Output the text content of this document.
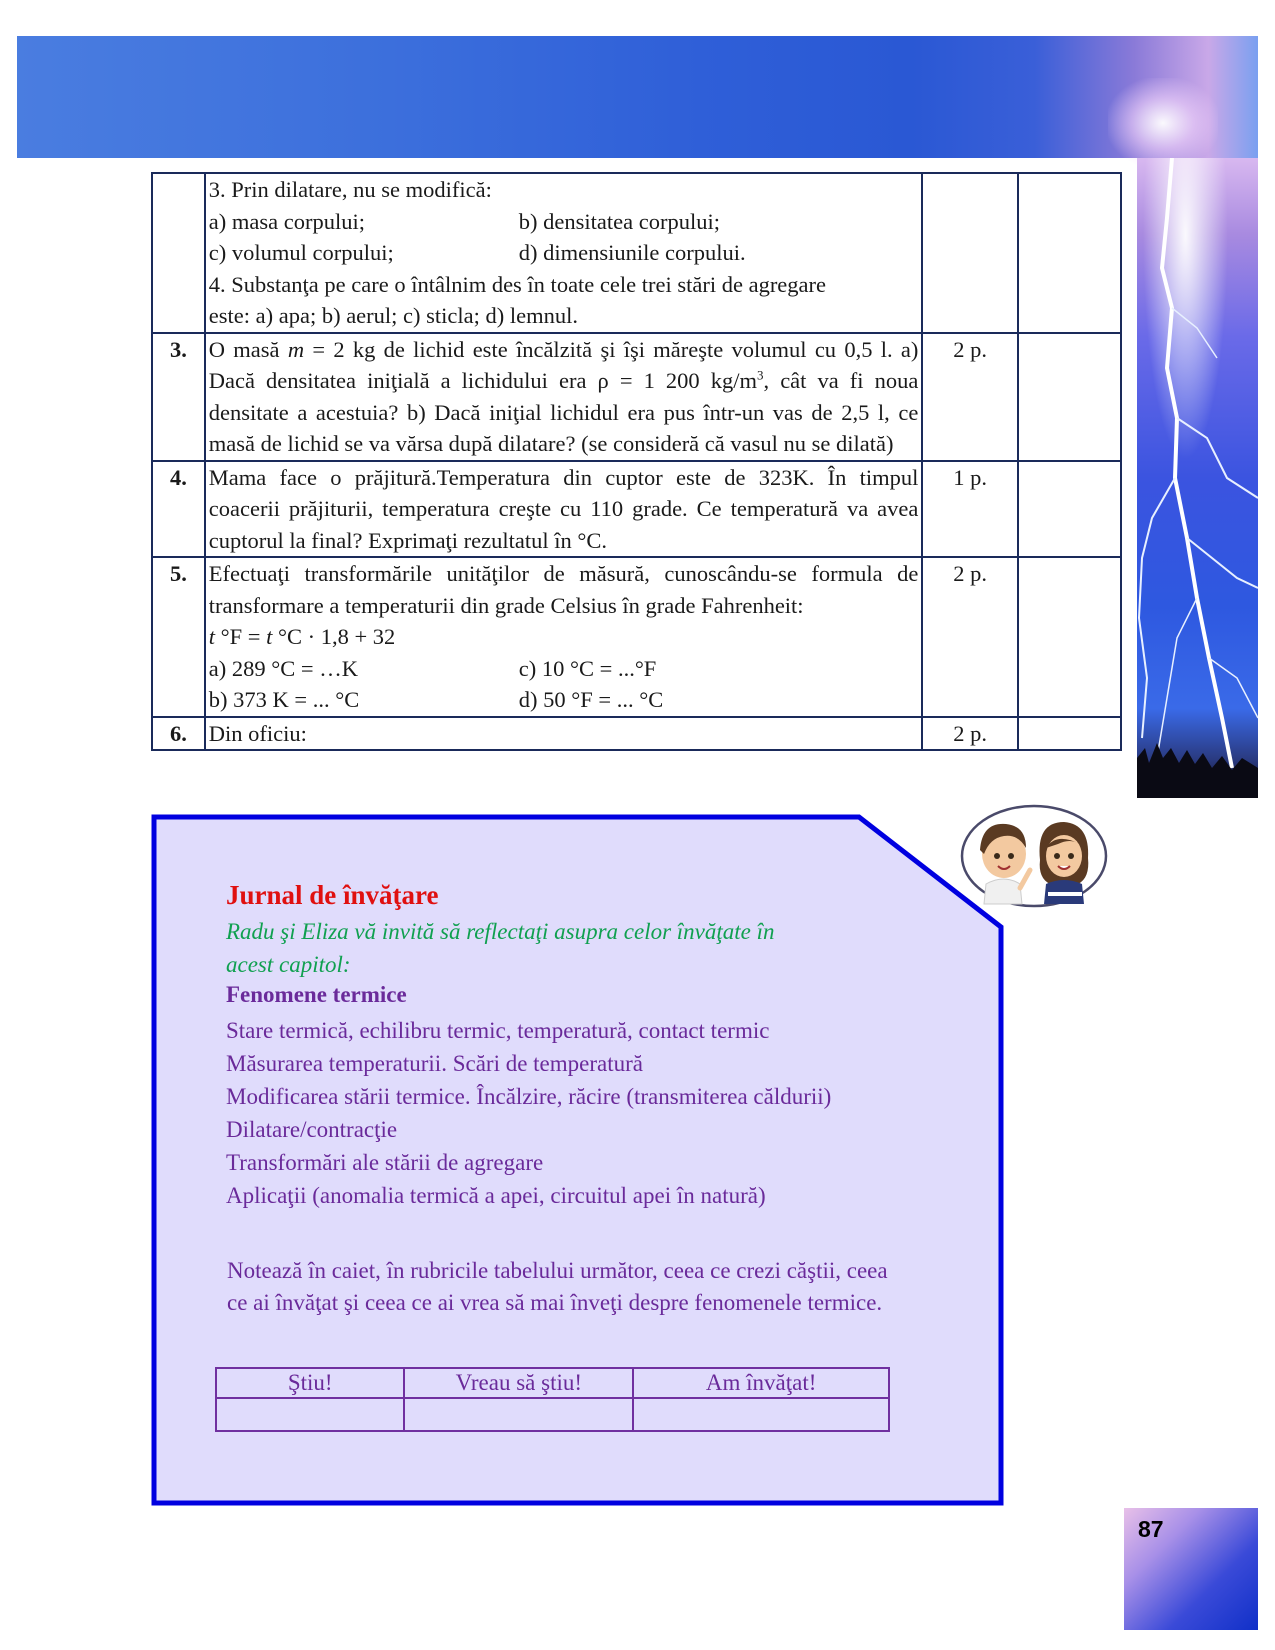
3. Prin dilatare, nu se modifică:
a) masa corpului;	b) densitatea corpului;
c) volumul corpului;	d) dimensiunile corpului.
4. Substanţa pe care o întâlnim des în toate cele trei stări de agregare
este: a) apa; b) aerul; c) sticla; d) lemnul.

3.	O masă m = 2 kg de lichid este încălzită şi îşi măreşte volumul cu 0,5 l. a) Dacă densitatea iniţială a lichidului era ρ = 1 200 $kg/m^3$, cât va fi noua densitate a acestuia? b) Dacă iniţial lichidul era pus într-un vas de 2,5 l, ce masă de lichid se va vărsa după dilatare? (se consideră că vasul nu se dilată)	2 p.	
4.	Mama face o prăjitură.Temperatura din cuptor este de 323K. În timpul coacerii prăjiturii, temperatura creşte cu 110 grade. Ce temperatură va avea cuptorul la final? Exprimaţi rezultatul în °C.	1 p.	
5.	Efectuaţi transformările unităţilor de măsură, cunoscându-se formula de transformare a temperaturii din grade Celsius în grade Fahrenheit:
t °F = t °C · 1,8 + 32
a) 289 °C = …K	c) 10 °C = ...°F
b) 373 K = ... °C	d) 50 °F = ... °C
	2 p.	
6.	Din oficiu:	2 p.	
Jurnal de învăţare
Radu şi Eliza vă invită să reflectaţi asupra celor învăţate în acest capitol:
Fenomene termice
Stare termică, echilibru termic, temperatură, contact termic
Măsurarea temperaturii. Scări de temperatură
Modificarea stării termice. Încălzire, răcire (transmiterea căldurii)
Dilatare/contracţie
Transformări ale stării de agregare
Aplicaţii (anomalia termică a apei, circuitul apei în natură)
Notează în caiet, în rubricile tabelului următor, ceea ce crezi căştii, ceea ce ai învăţat şi ceea ce ai vrea să mai înveţi despre fenomenele termice.
Ştiu!	Vreau să ştiu!	Am învăţat!

87
